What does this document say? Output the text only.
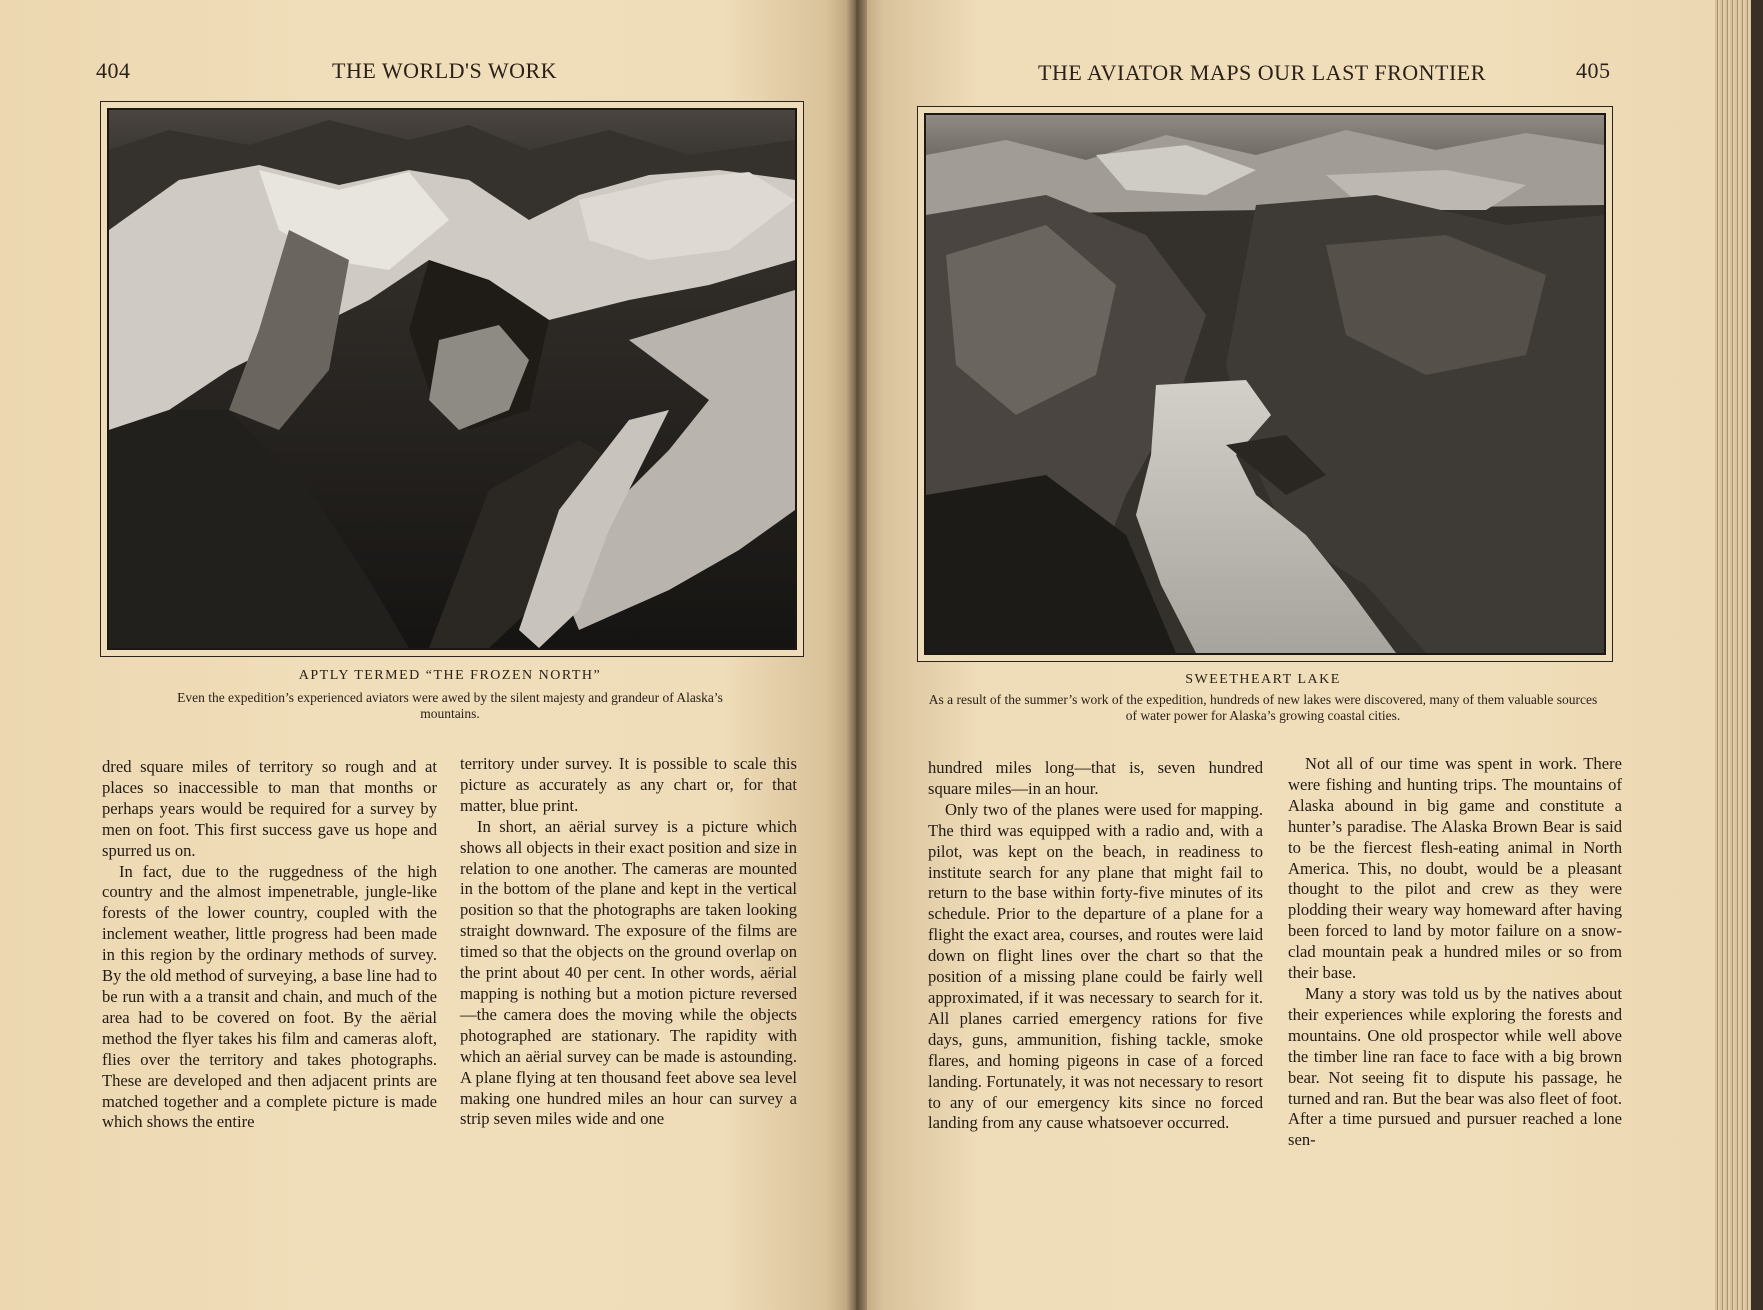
404	THE WORLD'S WORK
APTLY TERMED “THE FROZEN NORTH”
Even the expedition’s experienced aviators were awed by the silent majesty and grandeur of Alaska’s mountains.

dred square miles of territory so rough and at places so inaccessible to man that months or perhaps years would be required for a survey by men on foot. This first success gave us hope and spurred us on.

In fact, due to the ruggedness of the high country and the almost impenetrable, jungle-like forests of the lower country, coupled with the inclement weather, little progress had been made in this region by the ordinary methods of survey. By the old method of surveying, a base line had to be run with a a transit and chain, and much of the area had to be covered on foot. By the aërial method the flyer takes his film and cameras aloft, flies over the territory and takes photographs. These are developed and then adjacent prints are matched together and a complete picture is made which shows the entire

territory under survey. It is possible to scale this picture as accurately as any chart or, for that matter, blue print.

In short, an aërial survey is a picture which shows all objects in their exact position and size in relation to one another. The cameras are mounted in the bottom of the plane and kept in the vertical position so that the photographs are taken looking straight downward. The exposure of the films are timed so that the objects on the ground overlap on the print about 40 per cent. In other words, aërial mapping is nothing but a motion picture reversed—the camera does the moving while the objects photographed are stationary. The rapidity with which an aërial survey can be made is astounding. A plane flying at ten thousand feet above sea level making one hundred miles an hour can survey a strip seven miles wide and one

THE AVIATOR MAPS OUR LAST FRONTIER	405
SWEETHEART LAKE
As a result of the summer’s work of the expedition, hundreds of new lakes were discovered, many of them valuable sources of water power for Alaska’s growing coastal cities.

hundred miles long—that is, seven hundred square miles—in an hour.

Only two of the planes were used for mapping. The third was equipped with a radio and, with a pilot, was kept on the beach, in readiness to institute search for any plane that might fail to return to the base within forty-five minutes of its schedule. Prior to the departure of a plane for a flight the exact area, courses, and routes were laid down on flight lines over the chart so that the position of a missing plane could be fairly well approximated, if it was necessary to search for it. All planes carried emergency rations for five days, guns, ammunition, fishing tackle, smoke flares, and homing pigeons in case of a forced landing. Fortunately, it was not necessary to resort to any of our emergency kits since no forced landing from any cause whatsoever occurred.

Not all of our time was spent in work. There were fishing and hunting trips. The mountains of Alaska abound in big game and constitute a hunter’s paradise. The Alaska Brown Bear is said to be the fiercest flesh-eating animal in North America. This, no doubt, would be a pleasant thought to the pilot and crew as they were plodding their weary way homeward after having been forced to land by motor failure on a snow-clad mountain peak a hundred miles or so from their base.

Many a story was told us by the natives about their experiences while exploring the forests and mountains. One old prospector while well above the timber line ran face to face with a big brown bear. Not seeing fit to dispute his passage, he turned and ran. But the bear was also fleet of foot. After a time pursued and pursuer reached a lone sen-
